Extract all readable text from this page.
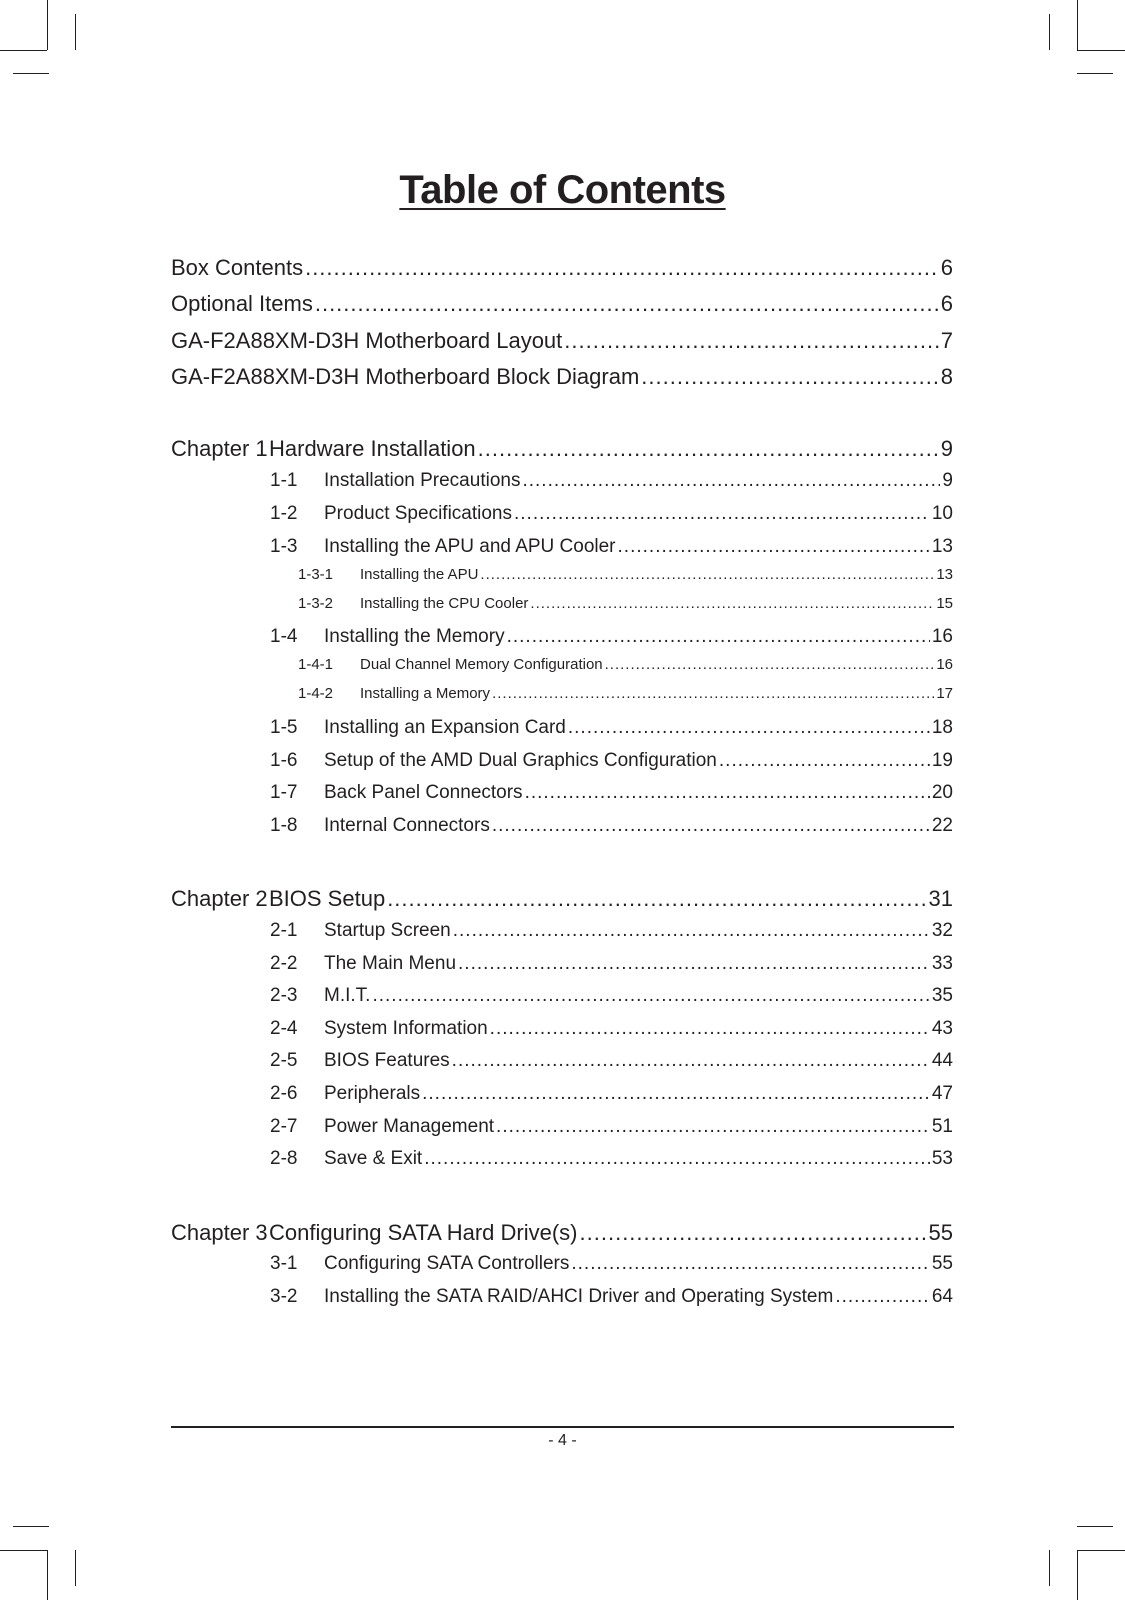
Table of Contents
Box Contents .....	6
Optional Items .....	6
GA-F2A88XM-D3H Motherboard Layout .....	7
GA-F2A88XM-D3H Motherboard Block Diagram .....	8
Chapter 1 Hardware Installation .....	9
1-1	Installation Precautions .....	9
1-2	Product Specifications .....	10
1-3	Installing the APU and APU Cooler .....	13
1-3-1	Installing the APU .....	13
1-3-2	Installing the CPU Cooler .....	15
1-4	Installing the Memory .....	16
1-4-1	Dual Channel Memory Configuration .....	16
1-4-2	Installing a Memory .....	17
1-5	Installing an Expansion Card .....	18
1-6	Setup of the AMD Dual Graphics Configuration .....	19
1-7	Back Panel Connectors .....	20
1-8	Internal Connectors .....	22
Chapter 2 BIOS Setup .....	31
2-1	Startup Screen .....	32
2-2	The Main Menu .....	33
2-3	M.I.T. .....	35
2-4	System Information .....	43
2-5	BIOS Features .....	44
2-6	Peripherals .....	47
2-7	Power Management .....	51
2-8	Save & Exit .....	53
Chapter 3 Configuring SATA Hard Drive(s) .....	55
3-1	Configuring SATA Controllers .....	55
3-2	Installing the SATA RAID/AHCI Driver and Operating System .....	64
- 4 -
